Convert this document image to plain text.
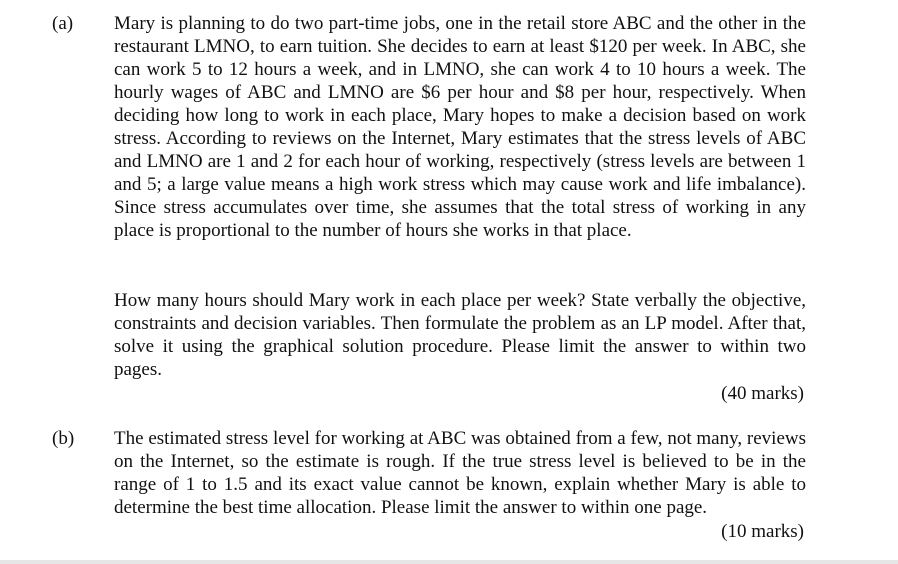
(a) Mary is planning to do two part-time jobs, one in the retail store ABC and the other in the restaurant LMNO, to earn tuition. She decides to earn at least $120 per week. In ABC, she can work 5 to 12 hours a week, and in LMNO, she can work 4 to 10 hours a week. The hourly wages of ABC and LMNO are $6 per hour and $8 per hour, respectively. When deciding how long to work in each place, Mary hopes to make a decision based on work stress. According to reviews on the Internet, Mary estimates that the stress levels of ABC and LMNO are 1 and 2 for each hour of working, respectively (stress levels are between 1 and 5; a large value means a high work stress which may cause work and life imbalance). Since stress accumulates over time, she assumes that the total stress of working in any place is proportional to the number of hours she works in that place.

How many hours should Mary work in each place per week? State verbally the objective, constraints and decision variables. Then formulate the problem as an LP model. After that, solve it using the graphical solution procedure. Please limit the answer to within two pages.

(40 marks)
(b) The estimated stress level for working at ABC was obtained from a few, not many, reviews on the Internet, so the estimate is rough. If the true stress level is believed to be in the range of 1 to 1.5 and its exact value cannot be known, explain whether Mary is able to determine the best time allocation. Please limit the answer to within one page.

(10 marks)
